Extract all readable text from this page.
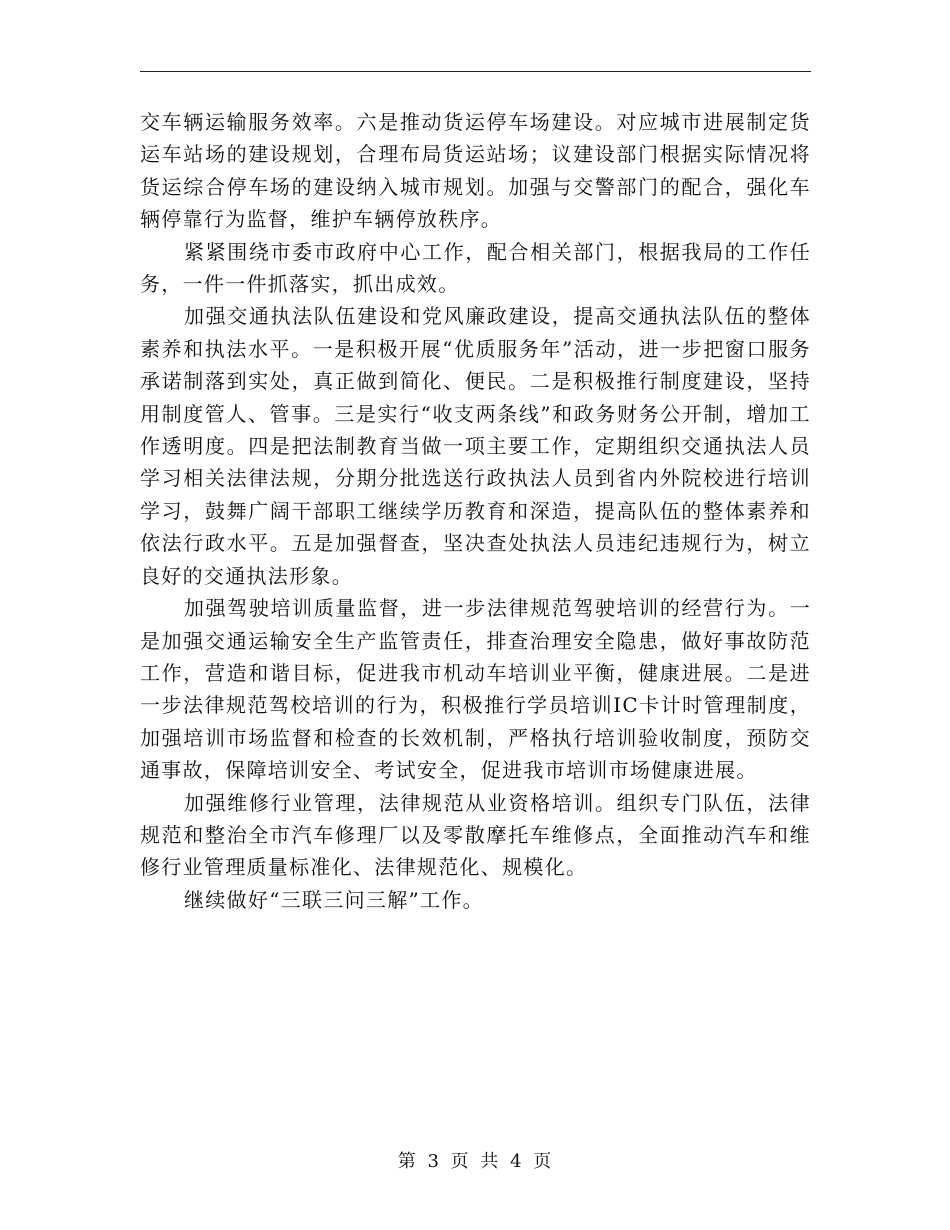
交车辆运输服务效率。六是推动货运停车场建设。对应城市进展制定货运车站场的建设规划，合理布局货运站场；议建设部门根据实际情况将货运综合停车场的建设纳入城市规划。加强与交警部门的配合，强化车辆停靠行为监督，维护车辆停放秩序。

紧紧围绕市委市政府中心工作，配合相关部门，根据我局的工作任务，一件一件抓落实，抓出成效。

加强交通执法队伍建设和党风廉政建设，提高交通执法队伍的整体素养和执法水平。一是积极开展“优质服务年”活动，进一步把窗口服务承诺制落到实处，真正做到简化、便民。二是积极推行制度建设，坚持用制度管人、管事。三是实行“收支两条线”和政务财务公开制，增加工作透明度。四是把法制教育当做一项主要工作，定期组织交通执法人员学习相关法律法规，分期分批选送行政执法人员到省内外院校进行培训学习，鼓舞广阔干部职工继续学历教育和深造，提高队伍的整体素养和依法行政水平。五是加强督查，坚决查处执法人员违纪违规行为，树立良好的交通执法形象。

加强驾驶培训质量监督，进一步法律规范驾驶培训的经营行为。一是加强交通运输安全生产监管责任，排查治理安全隐患，做好事故防范工作，营造和谐目标，促进我市机动车培训业平衡，健康进展。二是进一步法律规范驾校培训的行为，积极推行学员培训IC卡计时管理制度，加强培训市场监督和检查的长效机制，严格执行培训验收制度，预防交通事故，保障培训安全、考试安全，促进我市培训市场健康进展。

加强维修行业管理，法律规范从业资格培训。组织专门队伍，法律规范和整治全市汽车修理厂以及零散摩托车维修点，全面推动汽车和维修行业管理质量标准化、法律规范化、规模化。

继续做好“三联三问三解”工作。

第 3 页 共 4 页
